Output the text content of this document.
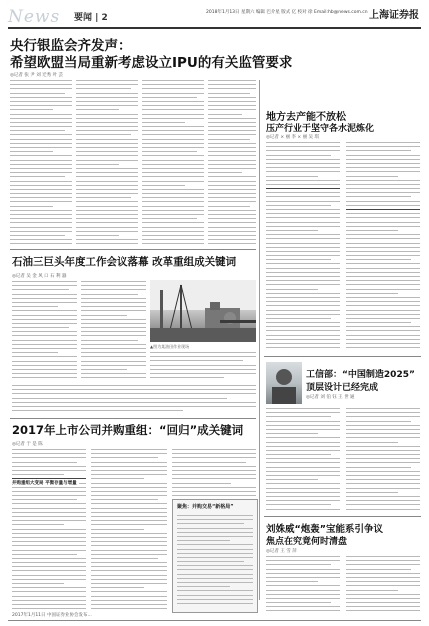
News 要闻 | 2
2018年1月13日 星期六 编辑 巴介星 版式 亿 校对 徐 Email:hb@news.com.cn 上海证券报
央行银监会齐发声：
希望欧盟当局重新考虑设立IPU的有关监管要求
◎记者 张 尹 刘 迁秀 叶 芸
地方去产能不放松
压产行业于坚守各水泥炼化
◎记者 × 丽 李 × 丽 吴 琪
石油三巨头年度工作会议落幕 改革重组成关键词
◎记者 吴 金 风 口 石 利 器
▲图为某油田作业现场
工信部：“中国制造2025”
顶层设计已经完成
◎记者 刘 伯 钰 王 世 通
2017年上市公司并购重组：“回归”成关键词
◎记者 于 是 陈
并购重组大变局 平衡存量与增量
聚焦：并购交易“新格局”
2017年1月11日 中国证券业协会发布...
刘姝威“炮轰”宝能系引争议
焦点在究竟何时清盘
◎记者 王 雪 萍
